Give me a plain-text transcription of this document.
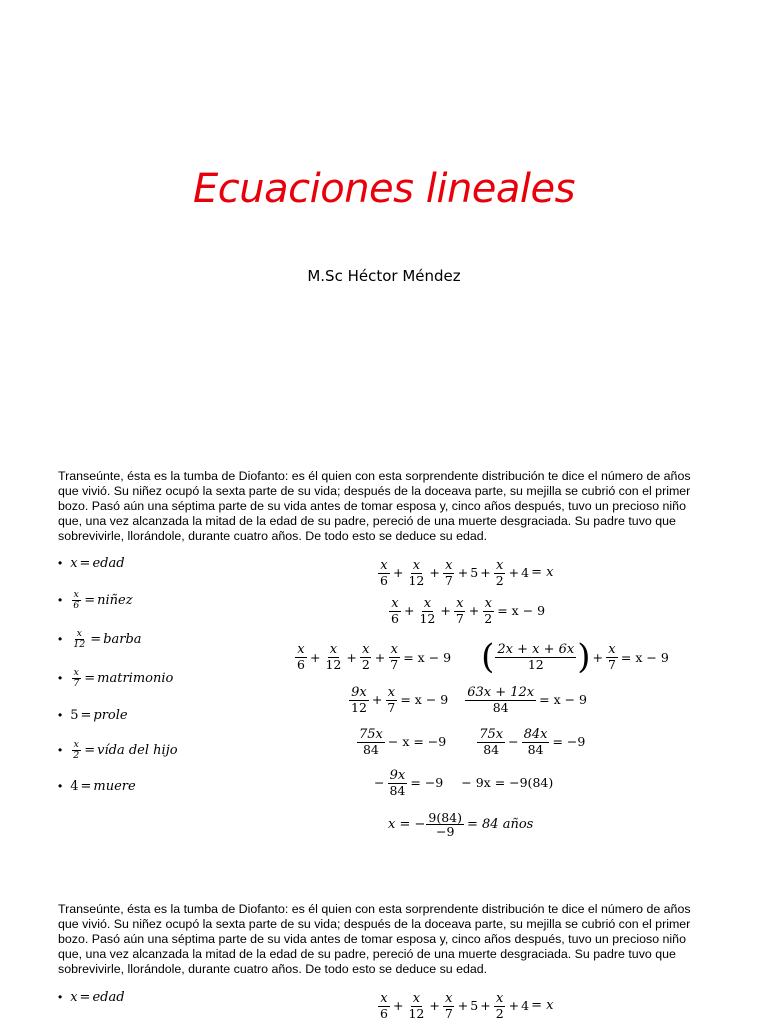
Ecuaciones lineales
M.Sc Héctor Méndez
Transeúnte, ésta es la tumba de Diofanto: es él quien con esta sorprendente distribución te dice el número de años que vivió. Su niñez ocupó la sexta parte de su vida; después de la doceava parte, su mejilla se cubrió con el primer bozo. Pasó aún una séptima parte de su vida antes de tomar esposa y, cinco años después, tuvo un precioso niño que, una vez alcanzada la mitad de la edad de su padre, pereció de una muerte desgraciada. Su padre tuvo que sobrevivirle, llorándole, durante cuatro años. De todo esto se deduce su edad.
• x = edad
• $\frac{x}{6}$ = niñez
• $\frac{x}{12}$ = barba
• $\frac{x}{7}$ = matrimonio
• 5 = prole
• $\frac{x}{2}$ = vída del hijo
• 4 = muere
$\frac{x}{6} + \frac{x}{12} + \frac{x}{7} + 5 + \frac{x}{2} + 4 = x$
$\frac{x}{6} + \frac{x}{12} + \frac{x}{7} + \frac{x}{2} = x - 9$
$\frac{x}{6} + \frac{x}{12} + \frac{x}{2} + \frac{x}{7} = x - 9$ ( $\frac{2x + x + 6x}{12}$ ) + $\frac{x}{7} = x - 9$
$\frac{9x}{12} + \frac{x}{7} = x - 9 \frac{63x + 12x}{84} = x - 9$
$\frac{75x}{84} - x = -9 \frac{75x}{84} - \frac{84x}{84} = -9$
− $\frac{9x}{84} = -9 - 9x = -9(84)$
x = − $\frac{9(84)}{-9} = 84$ años
Transeúnte, ésta es la tumba de Diofanto: es él quien con esta sorprendente distribución te dice el número de años que vivió. Su niñez ocupó la sexta parte de su vida; después de la doceava parte, su mejilla se cubrió con el primer bozo. Pasó aún una séptima parte de su vida antes de tomar esposa y, cinco años después, tuvo un precioso niño que, una vez alcanzada la mitad de la edad de su padre, pereció de una muerte desgraciada. Su padre tuvo que sobrevivirle, llorándole, durante cuatro años. De todo esto se deduce su edad.
• x = edad	$\frac{x}{6} + \frac{x}{12} + \frac{x}{7} + 5 + \frac{x}{2} + 4 = x$
